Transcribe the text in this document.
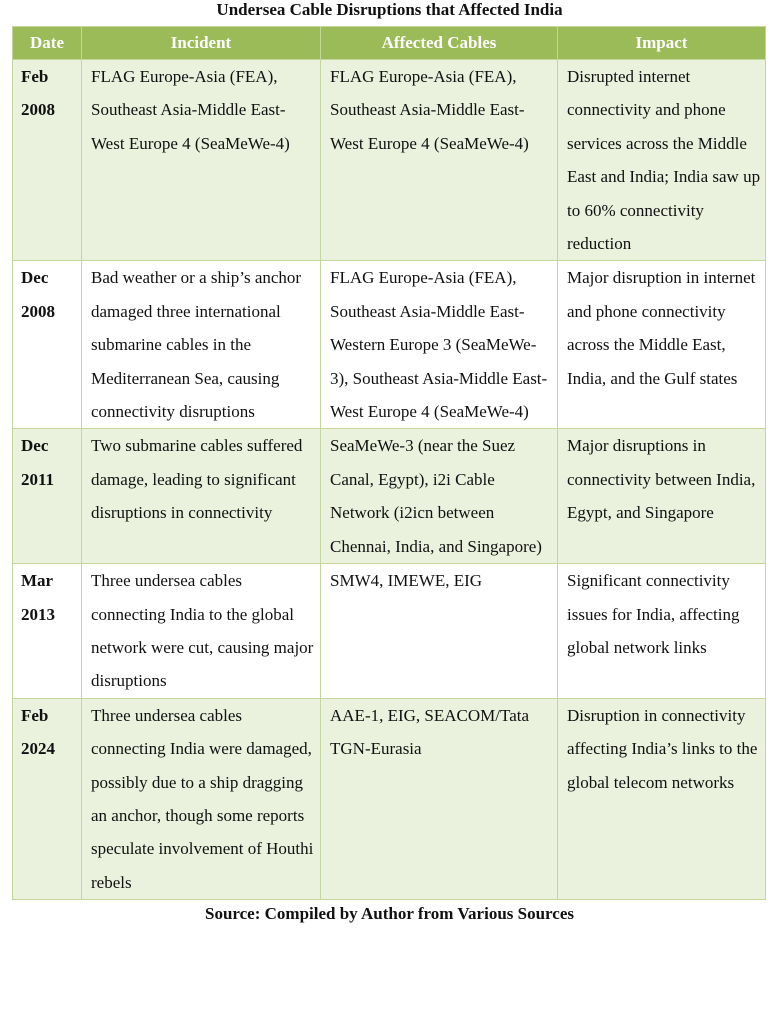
Undersea Cable Disruptions that Affected India
Date	Incident	Affected Cables	Impact

Feb
2008	FLAG Europe-Asia (FEA), Southeast Asia-Middle East-West Europe 4 (SeaMeWe-4)	FLAG Europe-Asia (FEA), Southeast Asia-Middle East-West Europe 4 (SeaMeWe-4)	Disrupted internet connectivity and phone services across the Middle East and India; India saw up to 60% connectivity reduction

Dec
2008	Bad weather or a ship’s anchor damaged three international submarine cables in the Mediterranean Sea, causing connectivity disruptions	FLAG Europe-Asia (FEA), Southeast Asia-Middle East-Western Europe 3 (SeaMeWe-3), Southeast Asia-Middle East-West Europe 4 (SeaMeWe-4)	Major disruption in internet and phone connectivity across the Middle East, India, and the Gulf states

Dec
2011	Two submarine cables suffered damage, leading to significant disruptions in connectivity	SeaMeWe-3 (near the Suez Canal, Egypt), i2i Cable Network (i2icn between Chennai, India, and Singapore)	Major disruptions in connectivity between India, Egypt, and Singapore

Mar
2013	Three undersea cables connecting India to the global network were cut, causing major disruptions	SMW4, IMEWE, EIG	Significant connectivity issues for India, affecting global network links

Feb
2024	Three undersea cables connecting India were damaged, possibly due to a ship dragging an anchor, though some reports speculate involvement of Houthi rebels	AAE-1, EIG, SEACOM/Tata TGN-Eurasia	Disruption in connectivity affecting India’s links to the global telecom networks
Source: Compiled by Author from Various Sources
